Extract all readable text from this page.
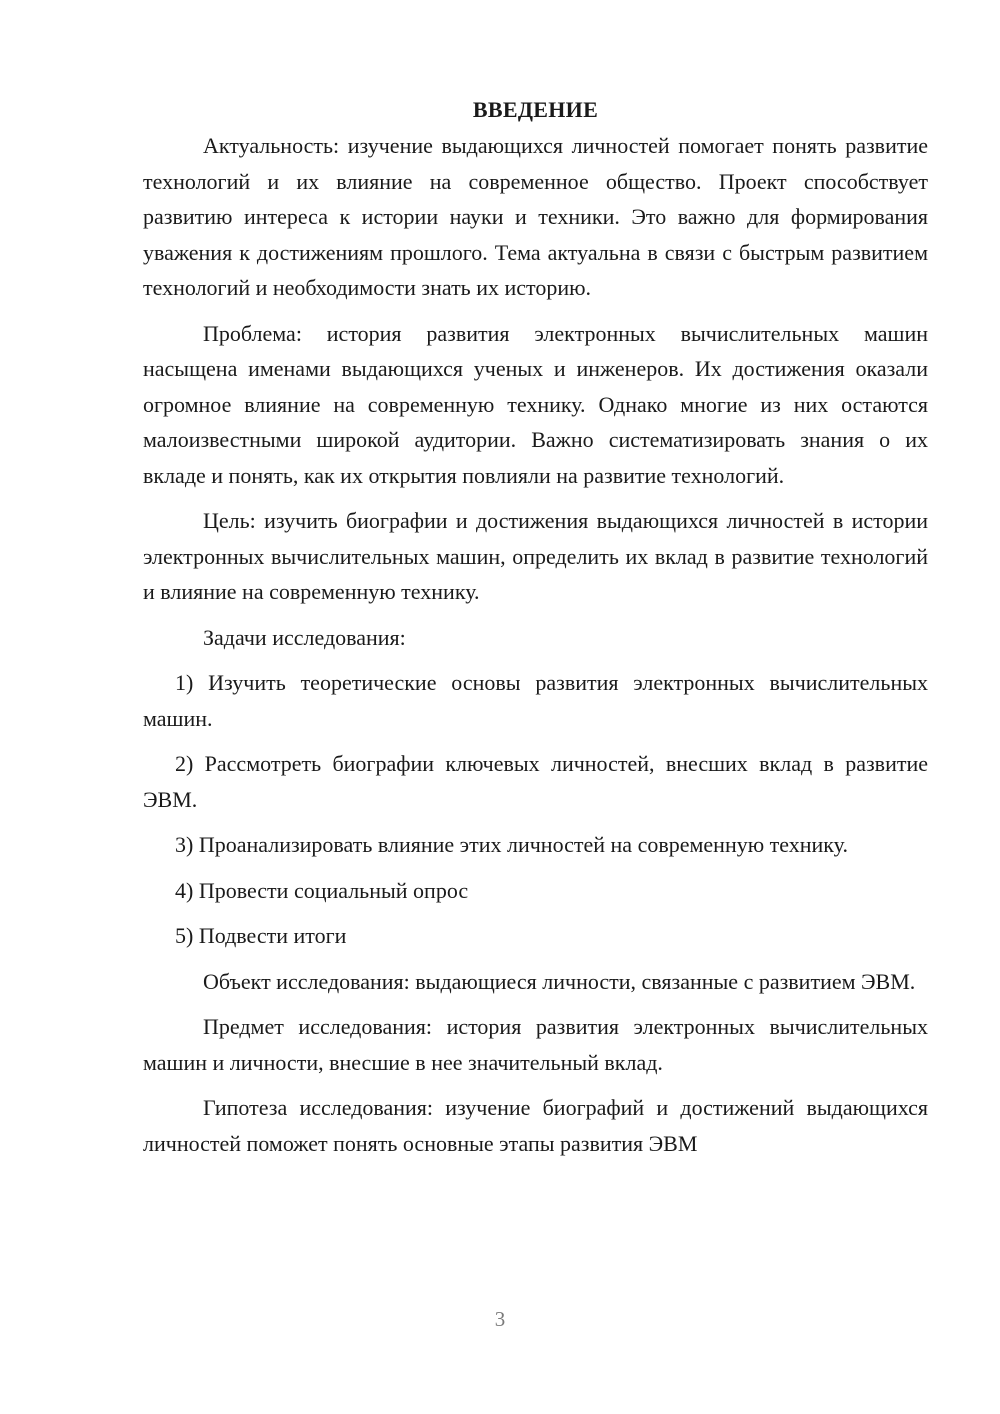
ВВЕДЕНИЕ

Актуальность: изучение выдающихся личностей помогает понять развитие технологий и их влияние на современное общество. Проект способствует развитию интереса к истории науки и техники. Это важно для формирования уважения к достижениям прошлого. Тема актуальна в связи с быстрым развитием технологий и необходимости знать их историю.

Проблема: история развития электронных вычислительных машин насыщена именами выдающихся ученых и инженеров. Их достижения оказали огромное влияние на современную технику. Однако многие из них остаются малоизвестными широкой аудитории. Важно систематизировать знания о их вкладе и понять, как их открытия повлияли на развитие технологий.

Цель: изучить биографии и достижения выдающихся личностей в истории электронных вычислительных машин, определить их вклад в развитие технологий и влияние на современную технику.

Задачи исследования:

1) Изучить теоретические основы развития электронных вычислительных машин.

2) Рассмотреть биографии ключевых личностей, внесших вклад в развитие ЭВМ.

3) Проанализировать влияние этих личностей на современную технику.

4) Провести социальный опрос

5) Подвести итоги

Объект исследования: выдающиеся личности, связанные с развитием ЭВМ.

Предмет исследования: история развития электронных вычислительных машин и личности, внесшие в нее значительный вклад.

Гипотеза исследования: изучение биографий и достижений выдающихся личностей поможет понять основные этапы развития ЭВМ

3
